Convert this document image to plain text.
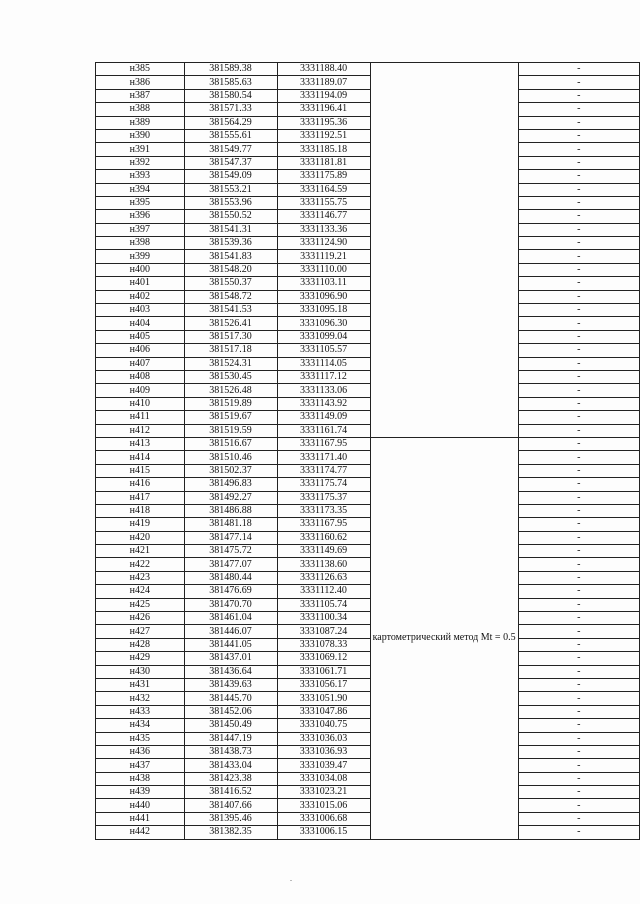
н385	381589.38	3331188.40		-
н386	381585.63	3331189.07		-
н387	381580.54	3331194.09		-
н388	381571.33	3331196.41		-
н389	381564.29	3331195.36		-
н390	381555.61	3331192.51		-
н391	381549.77	3331185.18		-
н392	381547.37	3331181.81		-
н393	381549.09	3331175.89		-
н394	381553.21	3331164.59		-
н395	381553.96	3331155.75		-
н396	381550.52	3331146.77		-
н397	381541.31	3331133.36		-
н398	381539.36	3331124.90		-
н399	381541.83	3331119.21		-
н400	381548.20	3331110.00		-
н401	381550.37	3331103.11		-
н402	381548.72	3331096.90		-
н403	381541.53	3331095.18		-
н404	381526.41	3331096.30		-
н405	381517.30	3331099.04		-
н406	381517.18	3331105.57		-
н407	381524.31	3331114.05		-
н408	381530.45	3331117.12		-
н409	381526.48	3331133.06		-
н410	381519.89	3331143.92		-
н411	381519.67	3331149.09		-
н412	381519.59	3331161.74		-
н413	381516.67	3331167.95	картометрический метод Mt = 0.5	-
н414	381510.46	3331171.40		-
н415	381502.37	3331174.77		-
н416	381496.83	3331175.74		-
н417	381492.27	3331175.37		-
н418	381486.88	3331173.35		-
н419	381481.18	3331167.95		-
н420	381477.14	3331160.62		-
н421	381475.72	3331149.69		-
н422	381477.07	3331138.60		-
н423	381480.44	3331126.63		-
н424	381476.69	3331112.40		-
н425	381470.70	3331105.74		-
н426	381461.04	3331100.34		-
н427	381446.07	3331087.24		-
н428	381441.05	3331078.33		-
н429	381437.01	3331069.12		-
н430	381436.64	3331061.71		-
н431	381439.63	3331056.17		-
н432	381445.70	3331051.90		-
н433	381452.06	3331047.86		-
н434	381450.49	3331040.75		-
н435	381447.19	3331036.03		-
н436	381438.73	3331036.93		-
н437	381433.04	3331039.47		-
н438	381423.38	3331034.08		-
н439	381416.52	3331023.21		-
н440	381407.66	3331015.06		-
н441	381395.46	3331006.68		-
н442	381382.35	3331006.15		-
